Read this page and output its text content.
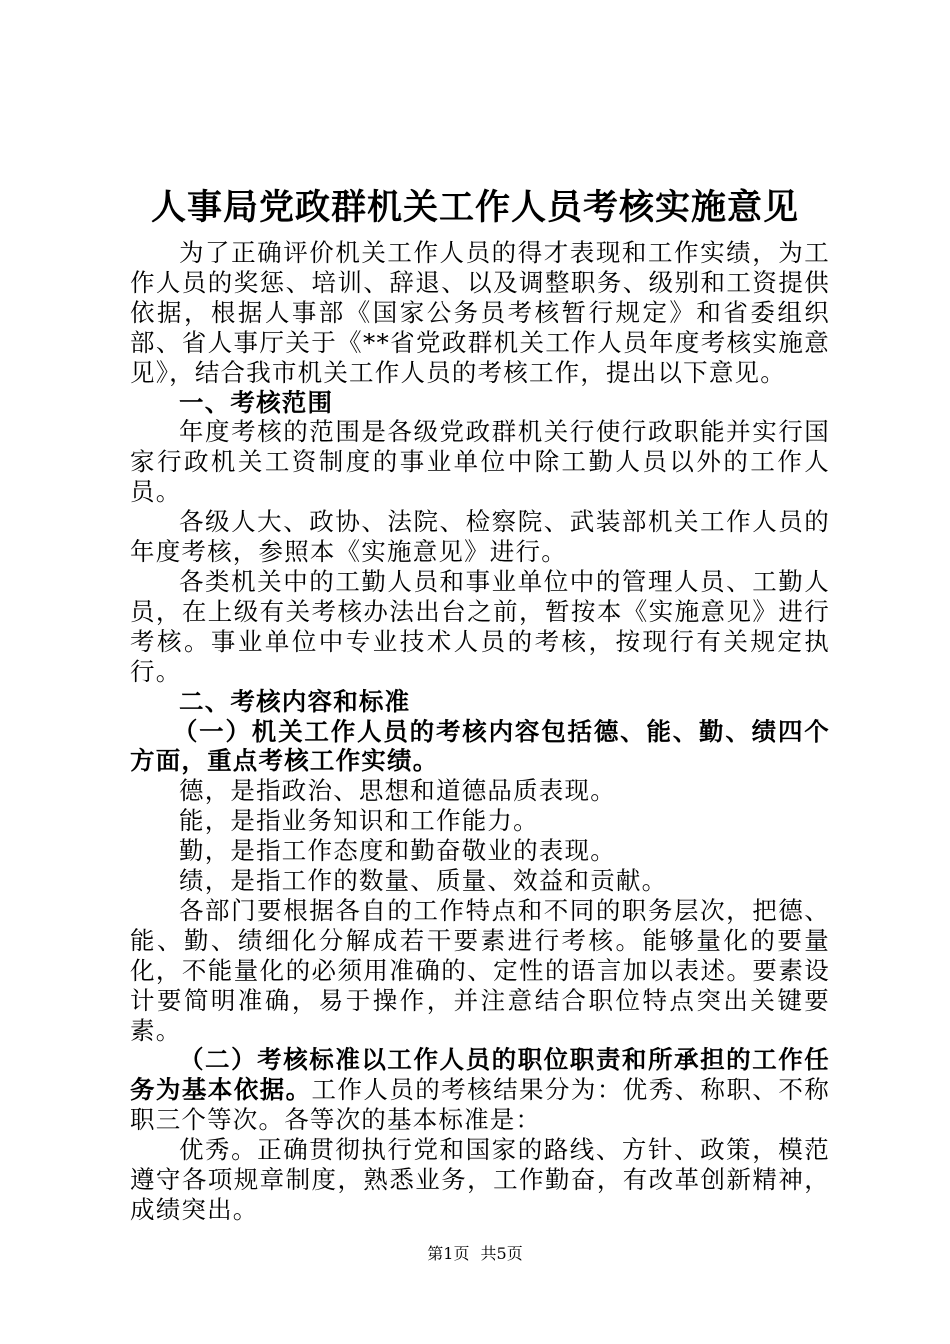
人事局党政群机关工作人员考核实施意见

为了正确评价机关工作人员的得才表现和工作实绩，为工作人员的奖惩、培训、辞退、以及调整职务、级别和工资提供依据，根据人事部《国家公务员考核暂行规定》和省委组织部、省人事厅关于《**省党政群机关工作人员年度考核实施意见》，结合我市机关工作人员的考核工作，提出以下意见。

一、考核范围

年度考核的范围是各级党政群机关行使行政职能并实行国家行政机关工资制度的事业单位中除工勤人员以外的工作人员。

各级人大、政协、法院、检察院、武装部机关工作人员的年度考核，参照本《实施意见》进行。

各类机关中的工勤人员和事业单位中的管理人员、工勤人员，在上级有关考核办法出台之前，暂按本《实施意见》进行考核。事业单位中专业技术人员的考核，按现行有关规定执行。

二、考核内容和标准

（一）机关工作人员的考核内容包括德、能、勤、绩四个方面，重点考核工作实绩。

德，是指政治、思想和道德品质表现。

能，是指业务知识和工作能力。

勤，是指工作态度和勤奋敬业的表现。

绩，是指工作的数量、质量、效益和贡献。

各部门要根据各自的工作特点和不同的职务层次，把德、能、勤、绩细化分解成若干要素进行考核。能够量化的要量化，不能量化的必须用准确的、定性的语言加以表述。要素设计要简明准确，易于操作，并注意结合职位特点突出关键要素。

（二）考核标准以工作人员的职位职责和所承担的工作任务为基本依据。工作人员的考核结果分为：优秀、称职、不称职三个等次。各等次的基本标准是：

优秀。正确贯彻执行党和国家的路线、方针、政策，模范遵守各项规章制度，熟悉业务，工作勤奋，有改革创新精神，成绩突出。

第1页 共5页
